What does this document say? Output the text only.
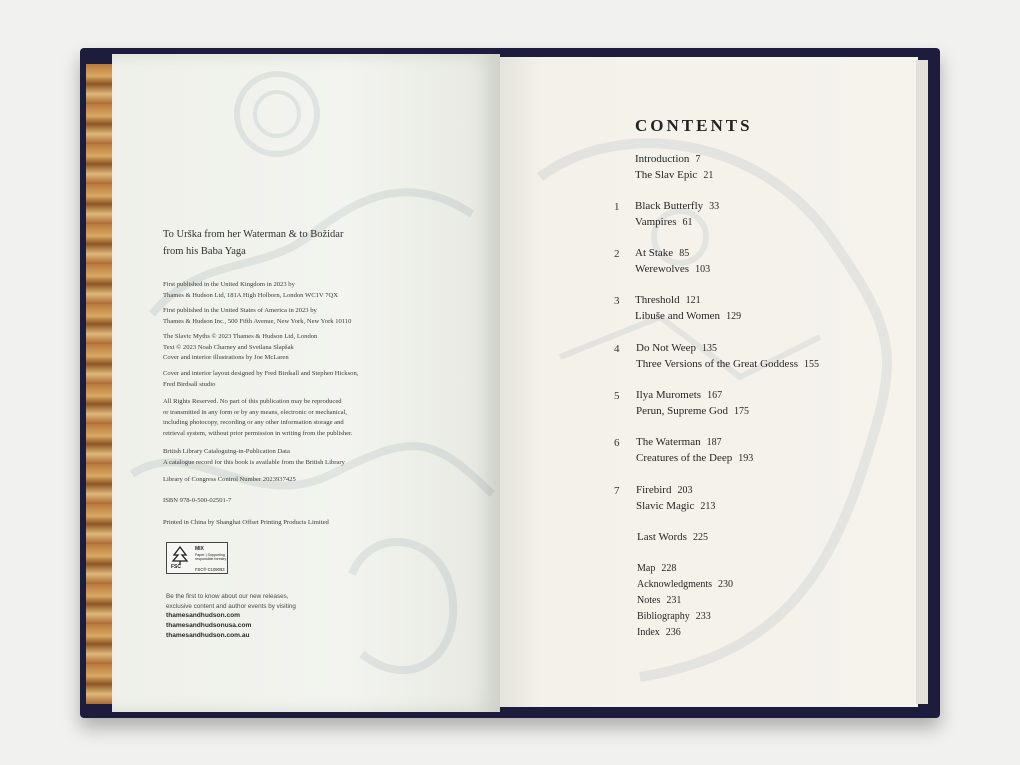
To Urška from her Waterman & to Božidar
from his Baba Yaga
First published in the United Kingdom in 2023 by
Thames & Hudson Ltd, 181A High Holborn, London WC1V 7QX
First published in the United States of America in 2023 by
Thames & Hudson Inc., 500 Fifth Avenue, New York, New York 10110
The Slavic Myths © 2023 Thames & Hudson Ltd, London
Text © 2023 Noah Charney and Svetlana Slapšak
Cover and interior illustrations by Joe McLaren
Cover and interior layout designed by Fred Birdsall and Stephen Hickson,
Fred Birdsall studio
All Rights Reserved. No part of this publication may be reproduced
or transmitted in any form or by any means, electronic or mechanical,
including photocopy, recording or any other information storage and
retrieval system, without prior permission in writing from the publisher.
British Library Cataloguing-in-Publication Data
A catalogue record for this book is available from the British Library
Library of Congress Control Number 2023937425
ISBN 978-0-500-02501-7
Printed in China by Shanghai Offset Printing Products Limited
FSC
MIX
Paper | Supporting responsible forestry
FSC® C109093
Be the first to know about our new releases,
exclusive content and author events by visiting
thamesandhudson.com
thamesandhudsonusa.com
thamesandhudson.com.au
CONTENTS
Introduction 7
The Slav Epic 21
1 Black Butterfly 33
Vampires 61
2 At Stake 85
Werewolves 103
3 Threshold 121
Libuše and Women 129
4 Do Not Weep 135
Three Versions of the Great Goddess 155
5 Ilya Muromets 167
Perun, Supreme God 175
6 The Waterman 187
Creatures of the Deep 193
7 Firebird 203
Slavic Magic 213
Last Words 225
Map 228
Acknowledgments 230
Notes 231
Bibliography 233
Index 236
